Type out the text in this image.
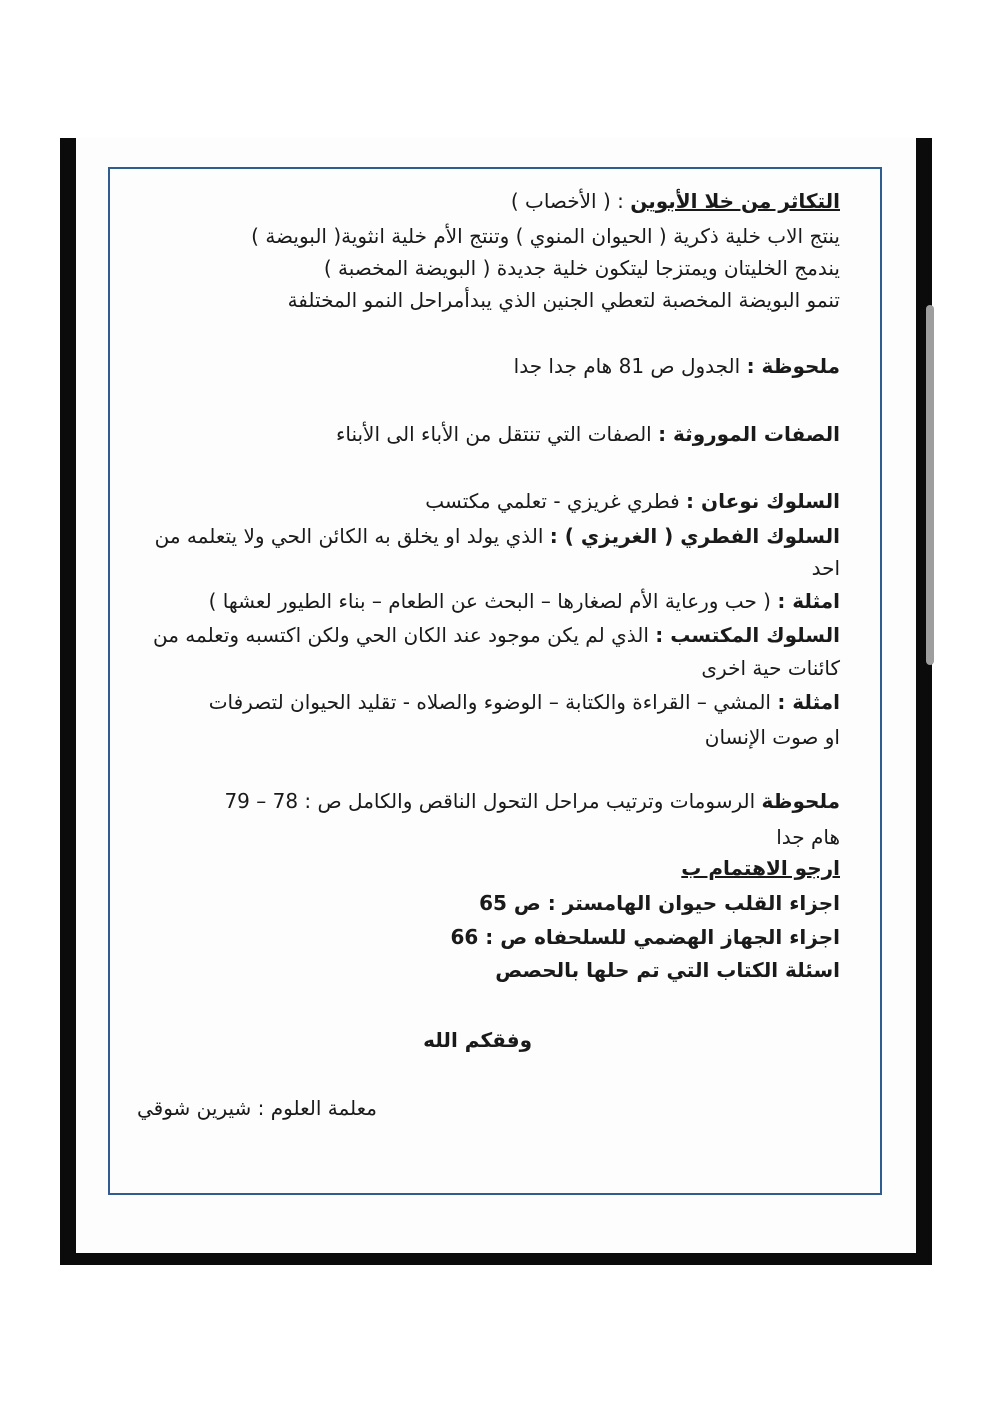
التكاثر من خلا الأبوين : ( الأخصاب )
ينتج الاب خلية ذكرية ( الحيوان المنوي ) وتنتج الأم خلية انثوية( البويضة )
يندمج الخليتان ويمتزجا ليتكون خلية جديدة ( البويضة المخصبة )
تنمو البويضة المخصبة لتعطي الجنين الذي يبدأمراحل النمو المختلفة
ملحوظة : الجدول ص 81 هام جدا جدا
الصفات الموروثة : الصفات التي تنتقل من الأباء الى الأبناء
السلوك نوعان : فطري غريزي - تعلمي مكتسب
السلوك الفطري ( الغريزي ) : الذي يولد او يخلق به الكائن الحي ولا يتعلمه من
احد
امثلة : ( حب ورعاية الأم لصغارها – البحث عن الطعام – بناء الطيور لعشها )
السلوك المكتسب : الذي لم يكن موجود عند الكان الحي ولكن اكتسبه وتعلمه من
كائنات حية اخرى
امثلة : المشي – القراءة والكتابة – الوضوء والصلاه - تقليد الحيوان لتصرفات
او صوت الإنسان
ملحوظة الرسومات وترتيب مراحل التحول الناقص والكامل ص : 78 – 79
هام جدا
ارجو الاهتمام ب
اجزاء القلب حيوان الهامستر : ص 65
اجزاء الجهاز الهضمي للسلحفاه ص : 66
اسئلة الكتاب التي تم حلها بالحصص
وفقكم الله
معلمة العلوم : شيرين شوقي
